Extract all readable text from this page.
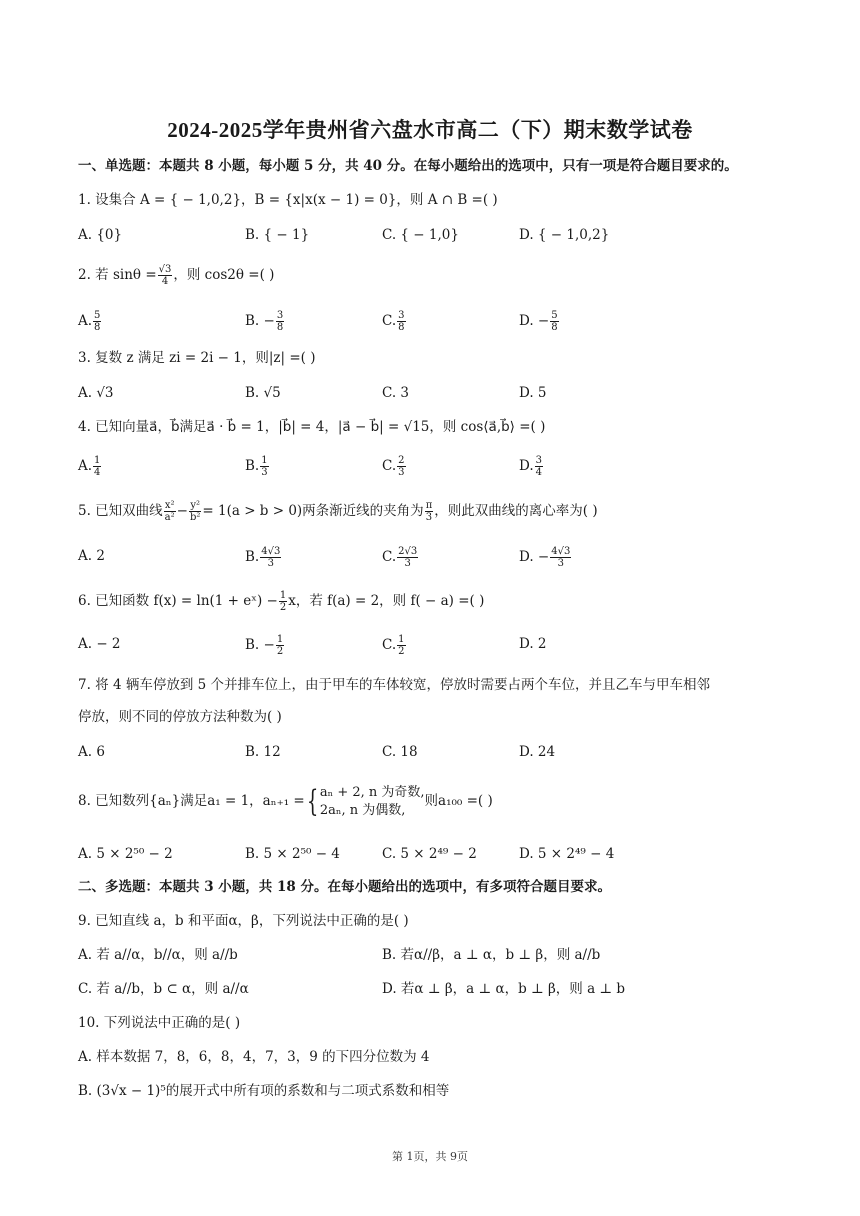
2024-2025学年贵州省六盘水市高二（下）期末数学试卷
一、单选题：本题共 8 小题，每小题 5 分，共 40 分。在每小题给出的选项中，只有一项是符合题目要求的。
1. 设集合 A = { − 1,0,2}，B = {x|x(x − 1) = 0}，则 A ∩ B =( )
A. {0}	B. { − 1}	C. { − 1,0}	D. { − 1,0,2}
2. 若 $\sin\theta = \frac{√3}{4}$ ，则 cos2θ =( )
A. $\frac{5}{8}$	B. − $\frac{3}{8}$	C. $\frac{3}{8}$	D. − $\frac{5}{8}$
3. 复数 z 满足 zi = 2i − 1，则|z| =( )
A. √3	B. √5	C. 3	D. 5
4. 已知向量a⃗，b⃗满足a⃗ · b⃗ = 1，|b⃗| = 4，|a⃗ − b⃗| = √15，则 cos⟨a⃗,b⃗⟩ =( )
A. $\frac{1}{4}$	B. $\frac{1}{3}$	C. $\frac{2}{3}$	D. $\frac{3}{4}$
5. 已知双曲线 $\frac{\text{x²}}{\text{a²}} - \frac{\text{y²}}{\text{b²}} = 1(a > b > 0)$两条渐近线的夹角为 $\frac{\pi}{3}$ ，则此双曲线的离心率为( )
A. 2	B. $\frac{4√3}{3}$	C. $\frac{2√3}{3}$	D. − $\frac{4√3}{3}$
6. 已知函数 f(x) = ln(1 + eˣ) − $\frac{1}{2}$ x，若 f(a) = 2，则 f( − a) =( )
A. − 2	B. − $\frac{1}{2}$	C. $\frac{1}{2}$	D. 2
7. 将 4 辆车停放到 5 个并排车位上，由于甲车的车体较宽，停放时需要占两个车位，并且乙车与甲车相邻
停放，则不同的停放方法种数为( )
A. 6	B. 12	C. 18	D. 24
8. 已知数列{aₙ}满足a₁ = 1，aₙ₊₁ ={ aₙ + 2, n 为奇数,
2aₙ, n 为偶数,
则a₁₀₀ =( )
A. 5 × 2⁵⁰ − 2	B. 5 × 2⁵⁰ − 4	C. 5 × 2⁴⁹ − 2	D. 5 × 2⁴⁹ − 4
二、多选题：本题共 3 小题，共 18 分。在每小题给出的选项中，有多项符合题目要求。
9. 已知直线 a，b 和平面α，β，下列说法中正确的是( )
A. 若 a//α，b//α，则 a//b	B. 若α//β，a ⊥ α，b ⊥ β，则 a//b
C. 若 a//b，b ⊂ α，则 a//α	D. 若α ⊥ β，a ⊥ α，b ⊥ β，则 a ⊥ b
10. 下列说法中正确的是( )
A. 样本数据 7，8，6，8，4，7，3，9 的下四分位数为 4
B. (3√x − 1)⁵的展开式中所有项的系数和与二项式系数和相等
第 1页，共 9页
